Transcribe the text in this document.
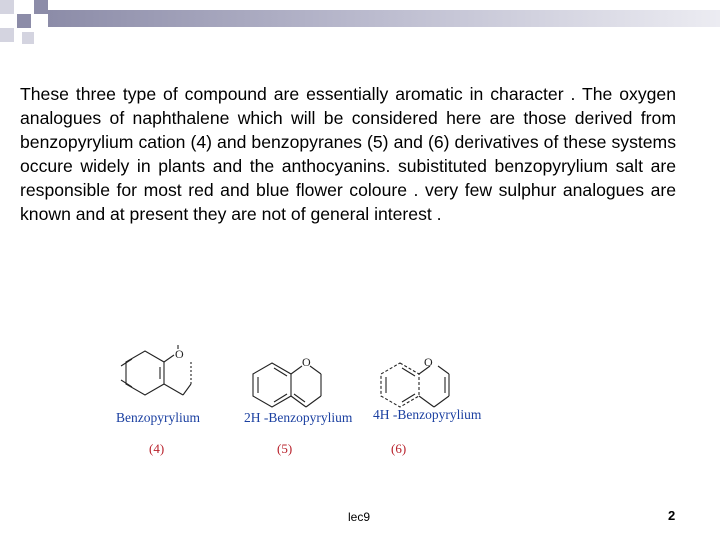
These three type of compound are essentially aromatic in character . The oxygen analogues of naphthalene which will be considered here are those derived from benzopyrylium cation (4) and benzopyranes (5) and (6) derivatives of these systems occure widely in plants and the anthocyanins. subistituted benzopyrylium salt are responsible for most red and blue flower coloure . very few sulphur analogues are known and at present they are not of general interest .

O
Benzopyrylium
(4)
O
2H -Benzopyrylium
(5)
O
4H -Benzopyrylium
(6)
lec9	2
